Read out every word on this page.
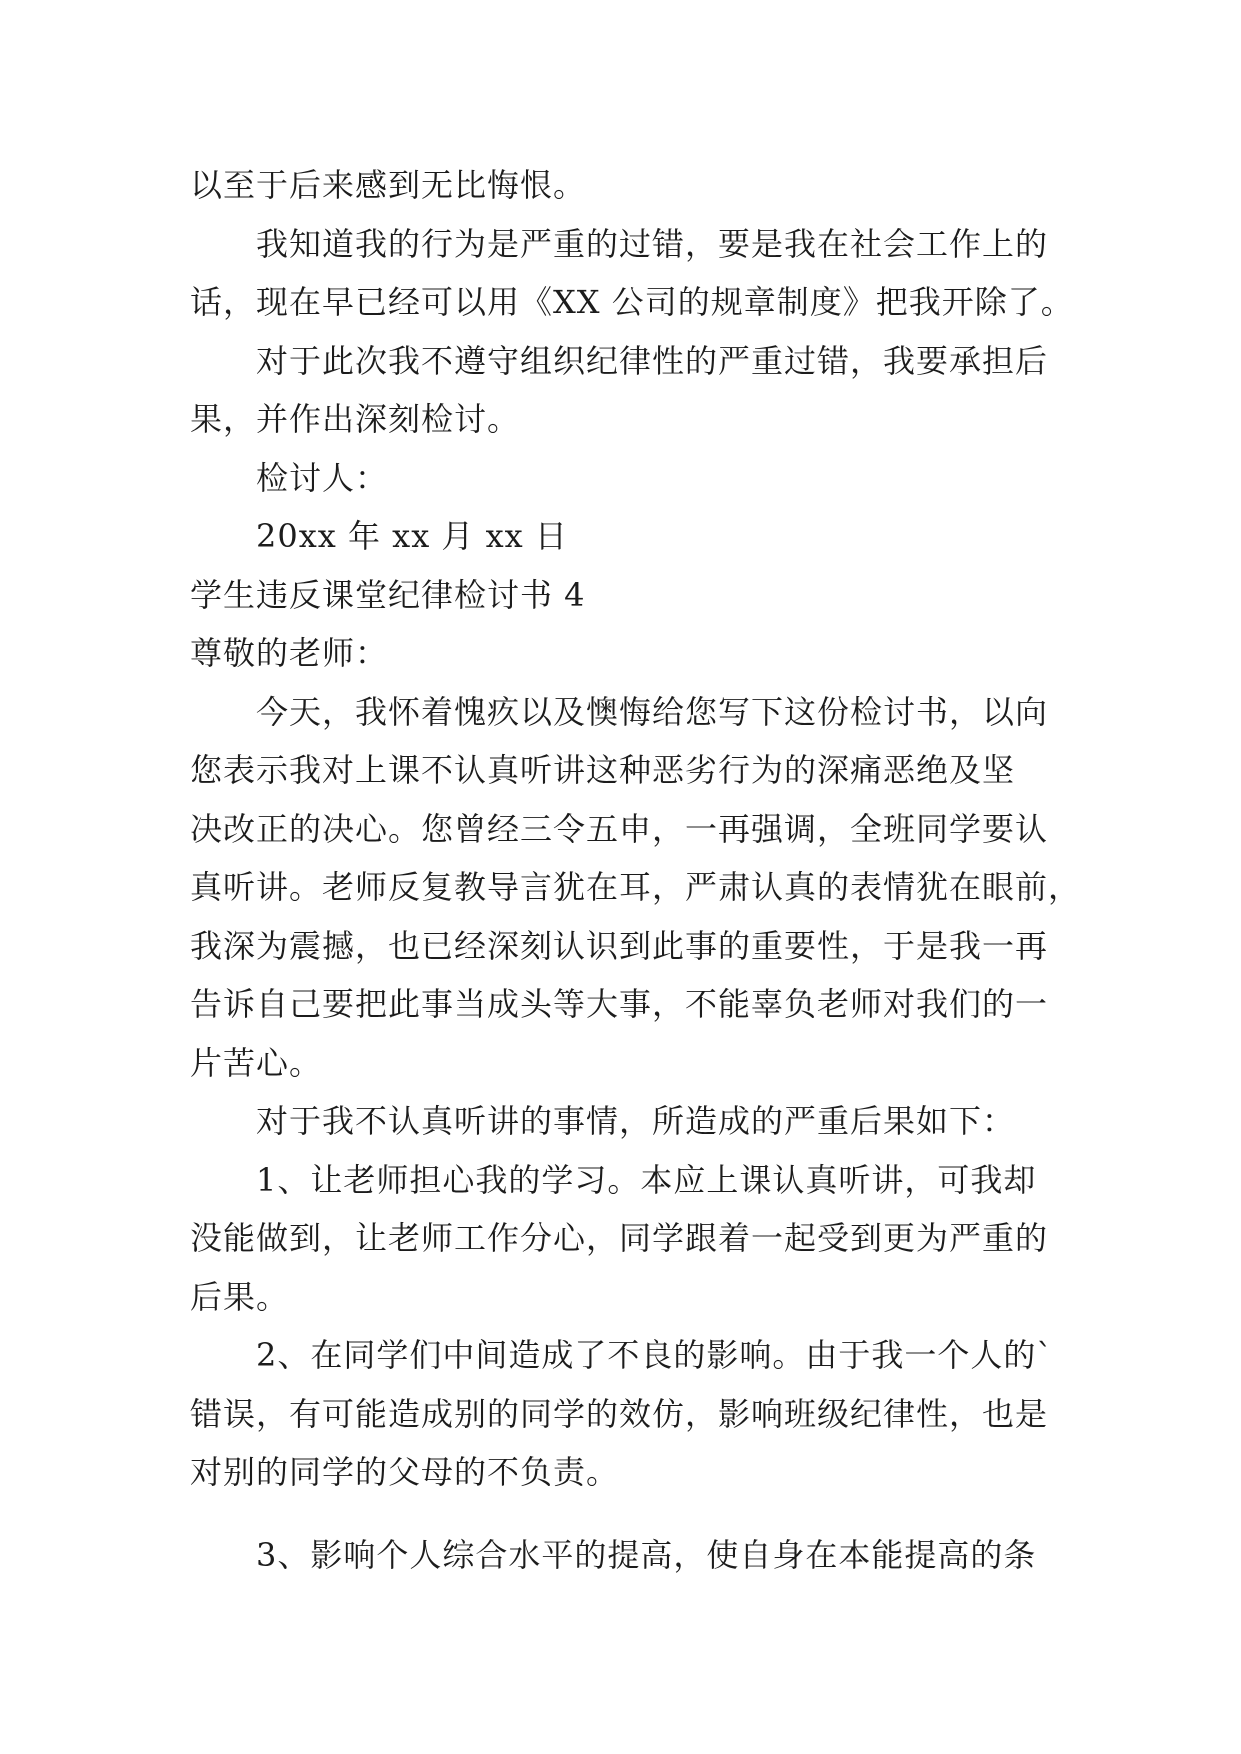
以至于后来感到无比悔恨。
我知道我的行为是严重的过错，要是我在社会工作上的
话，现在早已经可以用《XX 公司的规章制度》把我开除了。
对于此次我不遵守组织纪律性的严重过错，我要承担后
果，并作出深刻检讨。
检讨人：
20xx 年 xx 月 xx 日
学生违反课堂纪律检讨书 4
尊敬的老师：
今天，我怀着愧疚以及懊悔给您写下这份检讨书，以向
您表示我对上课不认真听讲这种恶劣行为的深痛恶绝及坚
决改正的决心。您曾经三令五申，一再强调，全班同学要认
真听讲。老师反复教导言犹在耳，严肃认真的表情犹在眼前，
我深为震撼，也已经深刻认识到此事的重要性，于是我一再
告诉自己要把此事当成头等大事，不能辜负老师对我们的一
片苦心。
对于我不认真听讲的事情，所造成的严重后果如下：
1、让老师担心我的学习。本应上课认真听讲，可我却
没能做到，让老师工作分心，同学跟着一起受到更为严重的
后果。
2、在同学们中间造成了不良的影响。由于我一个人的`
错误，有可能造成别的同学的效仿，影响班级纪律性，也是
对别的同学的父母的不负责。
3、影响个人综合水平的提高，使自身在本能提高的条
